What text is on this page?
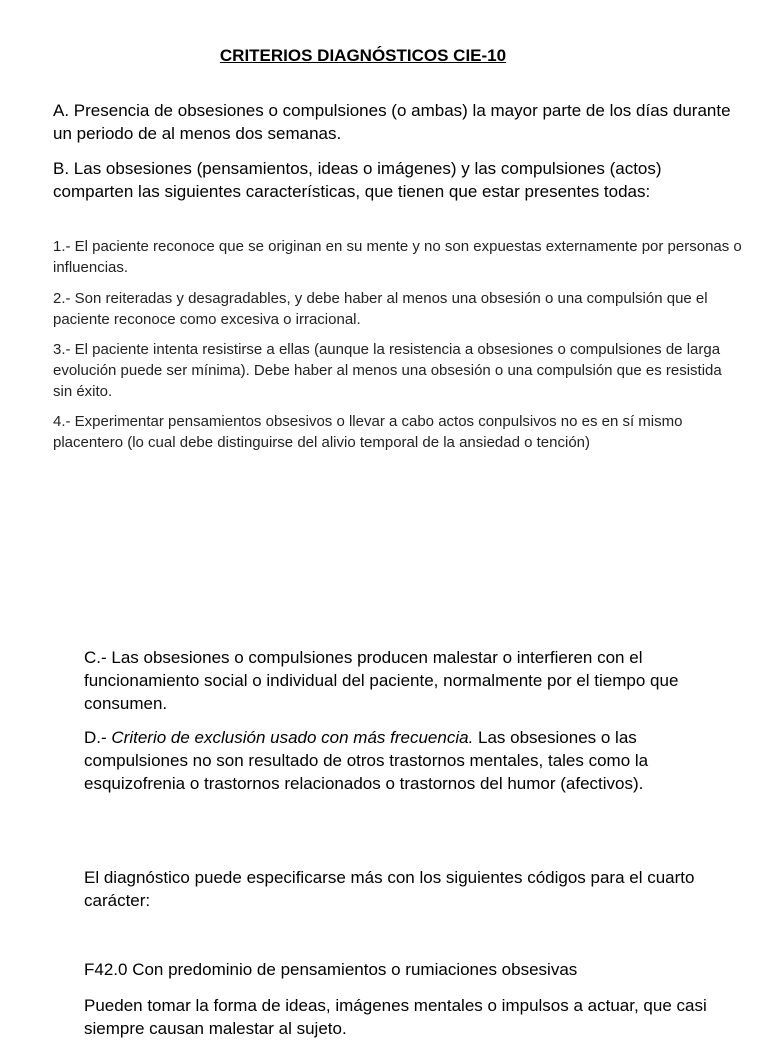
CRITERIOS DIAGNÓSTICOS CIE-10
A. Presencia de obsesiones o compulsiones (o ambas) la mayor parte de los días durante un periodo de al menos dos semanas.
B. Las obsesiones (pensamientos, ideas o imágenes) y las compulsiones (actos) comparten las siguientes características, que tienen que estar presentes todas:
1.- El paciente reconoce que se originan en su mente y no son expuestas externamente por personas o influencias.
2.- Son reiteradas y desagradables, y debe haber al menos una obsesión o una compulsión que el paciente reconoce como excesiva o irracional.
3.- El paciente intenta resistirse a ellas (aunque la resistencia a obsesiones o compulsiones de larga evolución puede ser mínima). Debe haber al menos una obsesión o una compulsión que es resistida sin éxito.
4.- Experimentar pensamientos obsesivos o llevar a cabo actos conpulsivos no es en sí mismo placentero (lo cual debe distinguirse del alivio temporal de la ansiedad o tención)
C.- Las obsesiones o compulsiones producen malestar o interfieren con el funcionamiento social o individual del paciente, normalmente por el tiempo que consumen.
D.- Criterio de exclusión usado con más frecuencia. Las obsesiones o las compulsiones no son resultado de otros trastornos mentales, tales como la esquizofrenia o trastornos relacionados o trastornos del humor (afectivos).
El diagnóstico puede especificarse más con los siguientes códigos para el cuarto carácter:
F42.0 Con predominio de pensamientos o rumiaciones obsesivas
Pueden tomar la forma de ideas, imágenes mentales o impulsos a actuar, que casi siempre causan malestar al sujeto.
